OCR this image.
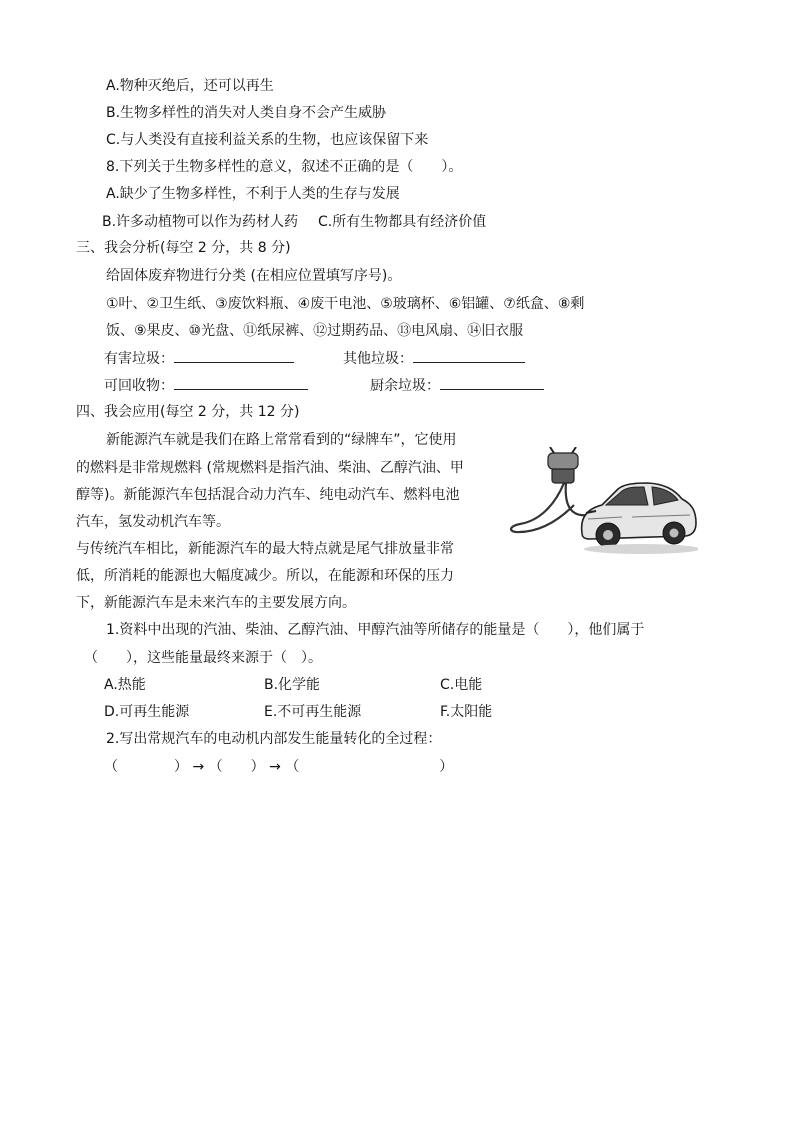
A.物种灭绝后，还可以再生
B.生物多样性的消失对人类自身不会产生威胁
C.与人类没有直接利益关系的生物，也应该保留下来
8.下列关于生物多样性的意义，叙述不正确的是（　　）。
A.缺少了生物多样性，不利于人类的生存与发展
B.许多动植物可以作为药材人药 C.所有生物都具有经济价值
三、我会分析(每空 2 分，共 8 分)
给固体废弃物进行分类 (在相应位置填写序号)。
①叶、②卫生纸、③废饮料瓶、④废干电池、⑤玻璃杯、⑥铝罐、⑦纸盒、⑧剩
饭、⑨果皮、⑩光盘、⑪纸尿裤、⑫过期药品、⑬电风扇、⑭旧衣服
有害垃圾：	其他垃圾：
可回收物：	厨余垃圾：
四、我会应用(每空 2 分，共 12 分)
新能源汽车就是我们在路上常常看到的“绿牌车”，它使用
的燃料是非常规燃料 (常规燃料是指汽油、柴油、乙醇汽油、甲
醇等)。新能源汽车包括混合动力汽车、纯电动汽车、燃料电池
汽车，氢发动机汽车等。
与传统汽车相比，新能源汽车的最大特点就是尾气排放量非常
低，所消耗的能源也大幅度减少。所以，在能源和环保的压力
下，新能源汽车是未来汽车的主要发展方向。
1.资料中出现的汽油、柴油、乙醇汽油、甲醇汽油等所储存的能量是（　　），他们属于
（　　），这些能量最终来源于（　）。
A.热能	B.化学能	C.电能
D.可再生能源	E.不可再生能源	F.太阳能
2.写出常规汽车的电动机内部发生能量转化的全过程：
（　　　　） → （　　） → （　　　　　　　　　　）
